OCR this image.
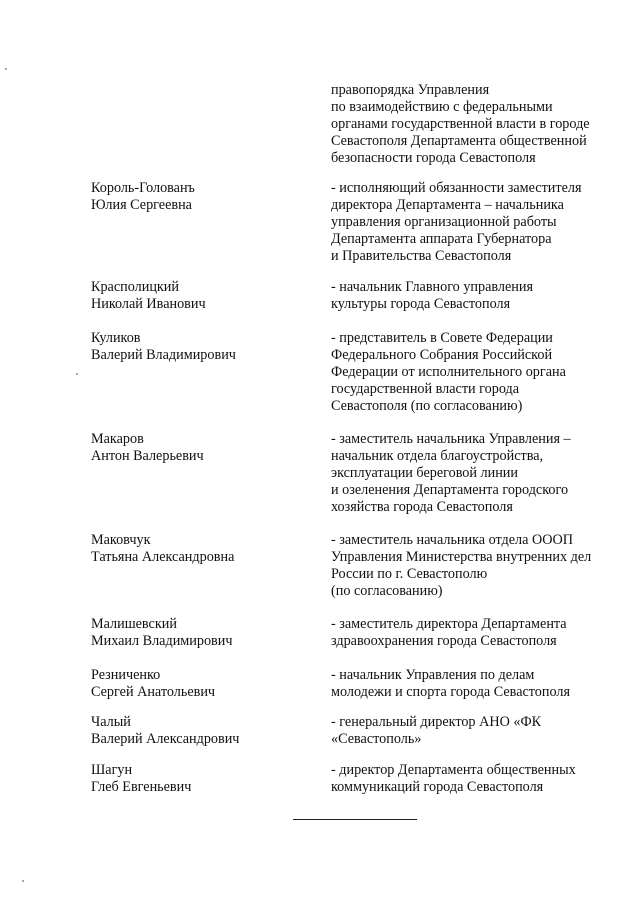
правопорядка Управления
по взаимодействию с федеральными
органами государственной власти в городе
Севастополя Департамента общественной
безопасности города Севастополя
Король-Голованъ
Юлия Сергеевна
- исполняющий обязанности заместителя
директора Департамента – начальника
управления организационной работы
Департамента аппарата Губернатора
и Правительства Севастополя
Красполицкий
Николай Иванович
- начальник Главного управления
культуры города Севастополя
Куликов
Валерий Владимирович
- представитель в Совете Федерации
Федерального Собрания Российской
Федерации от исполнительного органа
государственной власти города
Севастополя (по согласованию)
Макаров
Антон Валерьевич
- заместитель начальника Управления –
начальник отдела благоустройства,
эксплуатации береговой линии
и озеленения Департамента городского
хозяйства города Севастополя
Маковчук
Татьяна Александровна
- заместитель начальника отдела ОООП
Управления Министерства внутренних дел
России по г. Севастополю
(по согласованию)
Малишевский
Михаил Владимирович
- заместитель директора Департамента
здравоохранения города Севастополя
Резниченко
Сергей Анатольевич
- начальник Управления по делам
молодежи и спорта города Севастополя
Чалый
Валерий Александрович
- генеральный директор АНО «ФК
«Севастополь»
Шагун
Глеб Евгеньевич
- директор Департамента общественных
коммуникаций города Севастополя
